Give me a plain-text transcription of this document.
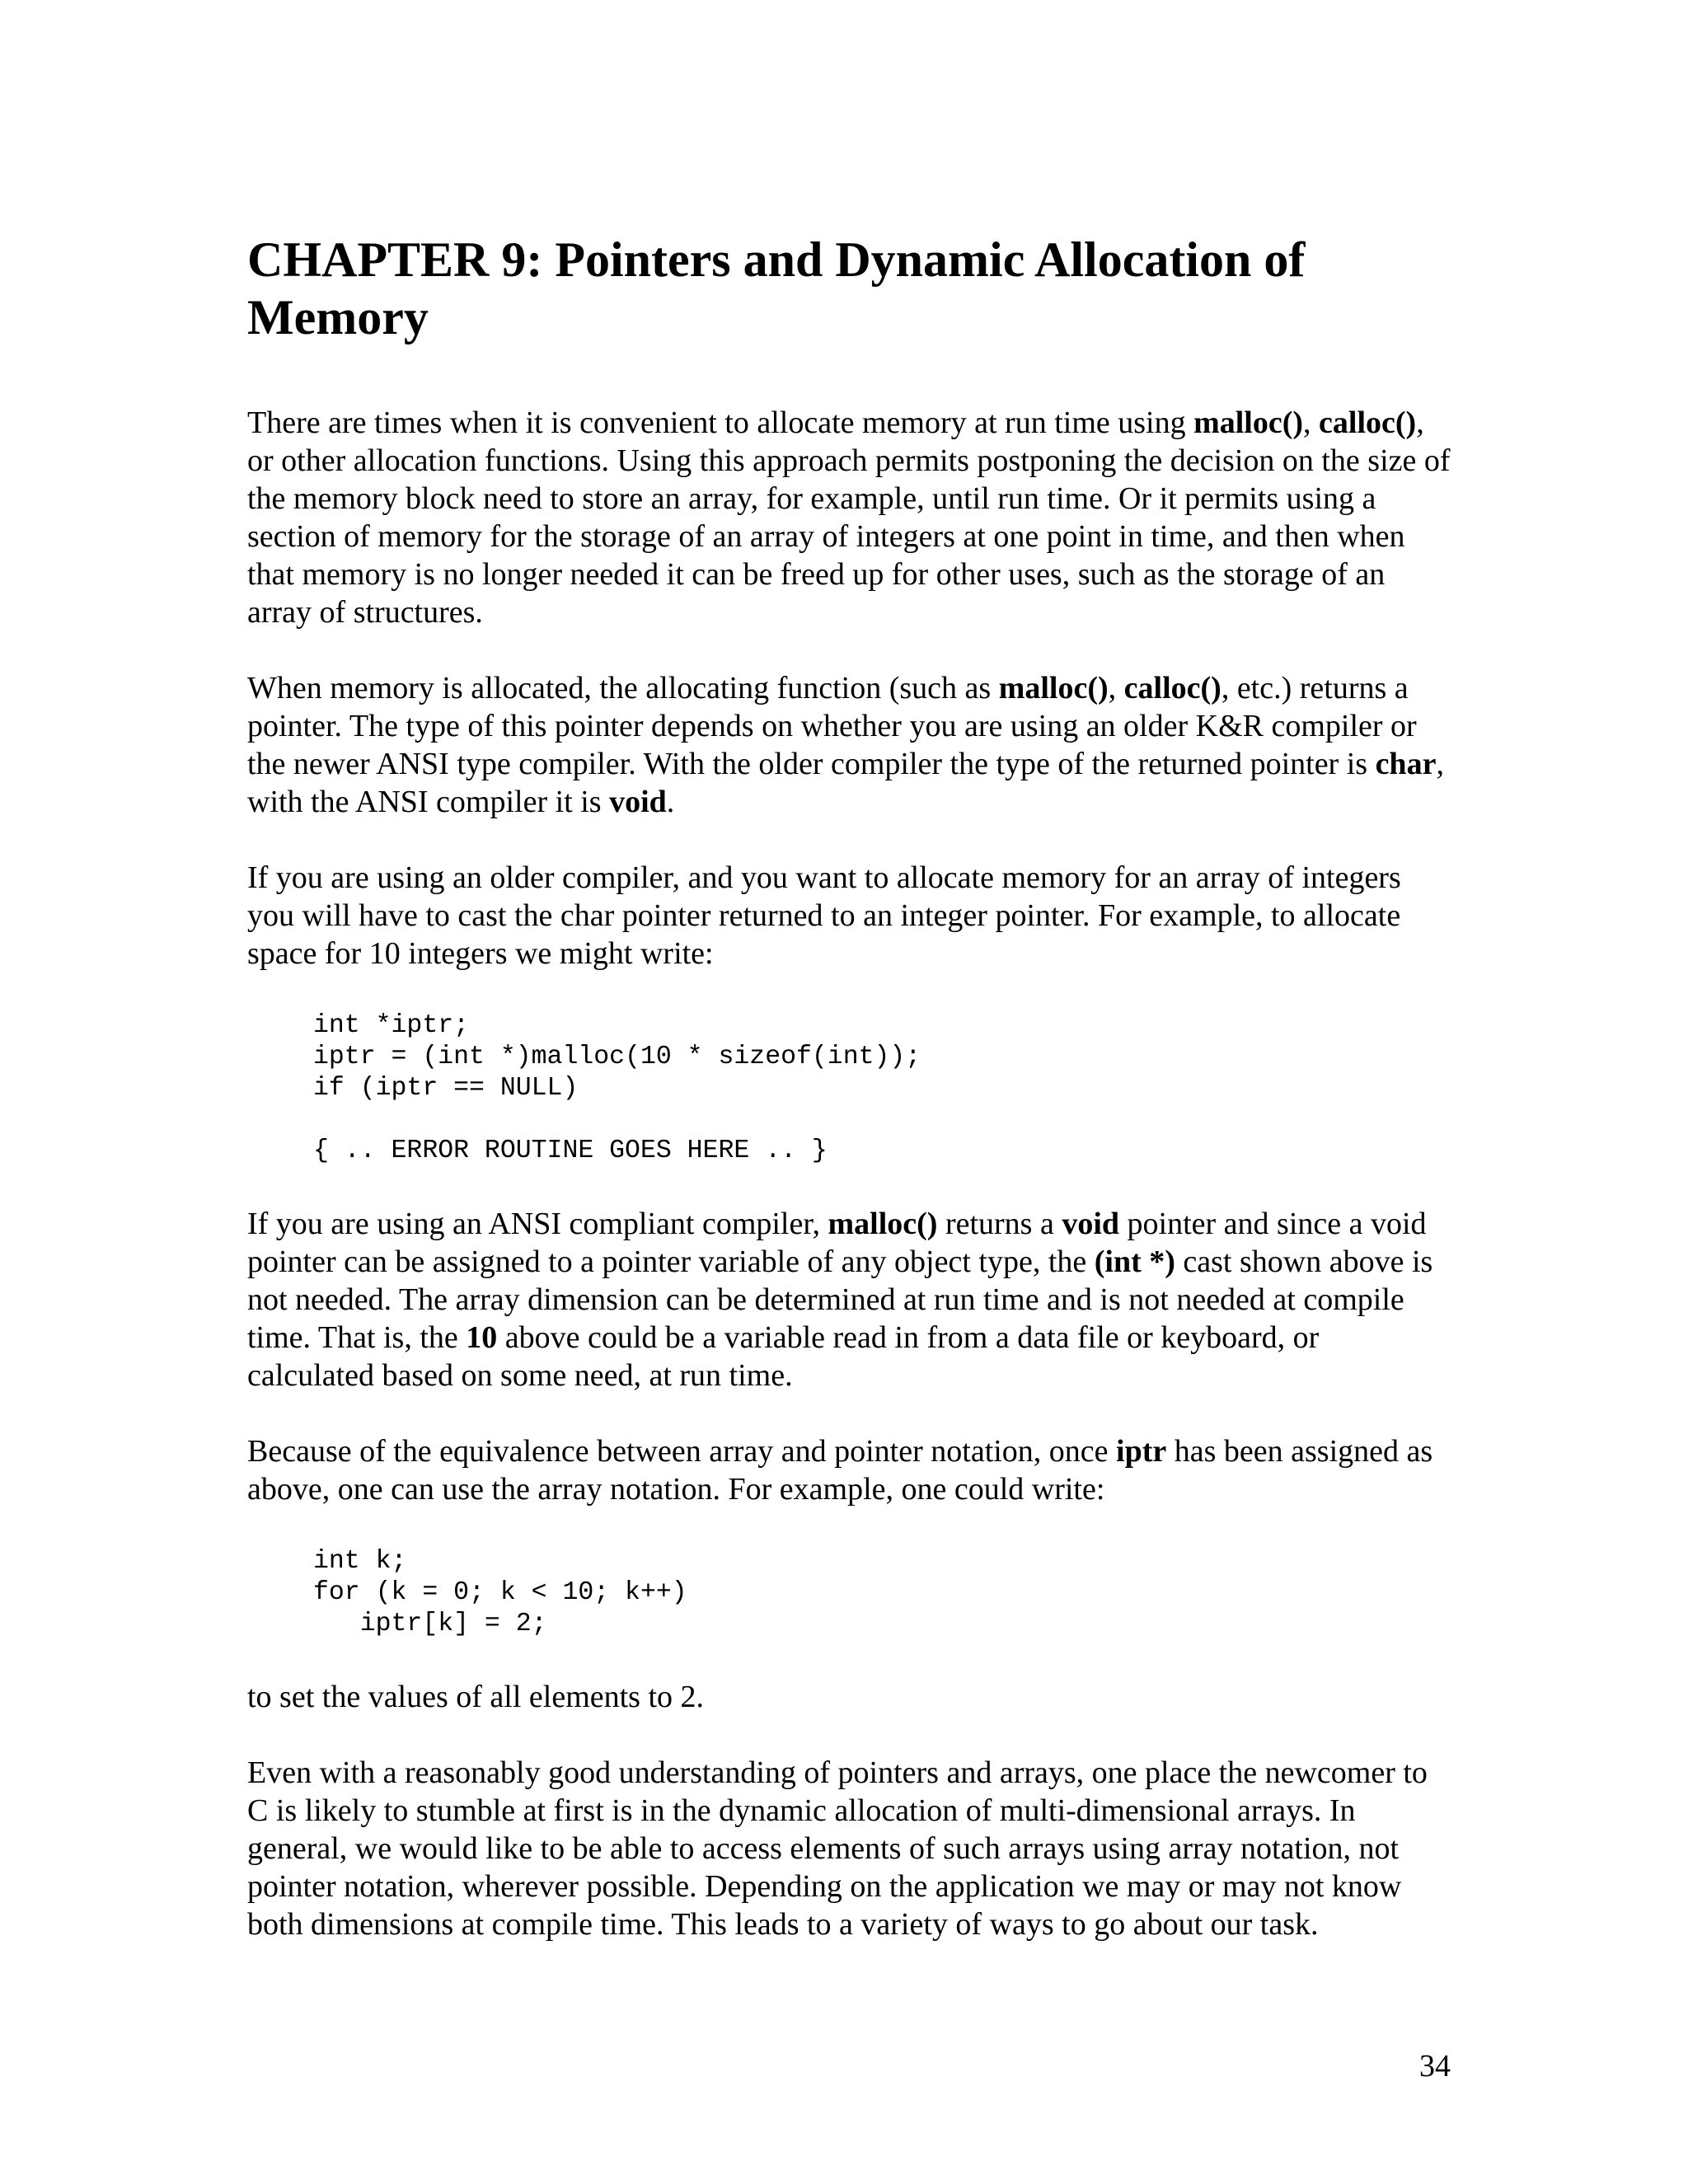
CHAPTER 9: Pointers and Dynamic Allocation of Memory

There are times when it is convenient to allocate memory at run time using malloc(), calloc(), or other allocation functions. Using this approach permits postponing the decision on the size of the memory block need to store an array, for example, until run time. Or it permits using a section of memory for the storage of an array of integers at one point in time, and then when that memory is no longer needed it can be freed up for other uses, such as the storage of an array of structures.

When memory is allocated, the allocating function (such as malloc(), calloc(), etc.) returns a pointer. The type of this pointer depends on whether you are using an older K&R compiler or the newer ANSI type compiler. With the older compiler the type of the returned pointer is char, with the ANSI compiler it is void.

If you are using an older compiler, and you want to allocate memory for an array of integers you will have to cast the char pointer returned to an integer pointer. For example, to allocate space for 10 integers we might write:

int *iptr;
iptr = (int *)malloc(10 * sizeof(int));
if (iptr == NULL)
{ .. ERROR ROUTINE GOES HERE .. }

If you are using an ANSI compliant compiler, malloc() returns a void pointer and since a void pointer can be assigned to a pointer variable of any object type, the (int *) cast shown above is not needed. The array dimension can be determined at run time and is not needed at compile time. That is, the 10 above could be a variable read in from a data file or keyboard, or calculated based on some need, at run time.

Because of the equivalence between array and pointer notation, once iptr has been assigned as above, one can use the array notation. For example, one could write:

int k;
for (k = 0; k < 10; k++)
iptr[k] = 2;

to set the values of all elements to 2.

Even with a reasonably good understanding of pointers and arrays, one place the newcomer to C is likely to stumble at first is in the dynamic allocation of multi-dimensional arrays. In general, we would like to be able to access elements of such arrays using array notation, not pointer notation, wherever possible. Depending on the application we may or may not know both dimensions at compile time. This leads to a variety of ways to go about our task.

34
